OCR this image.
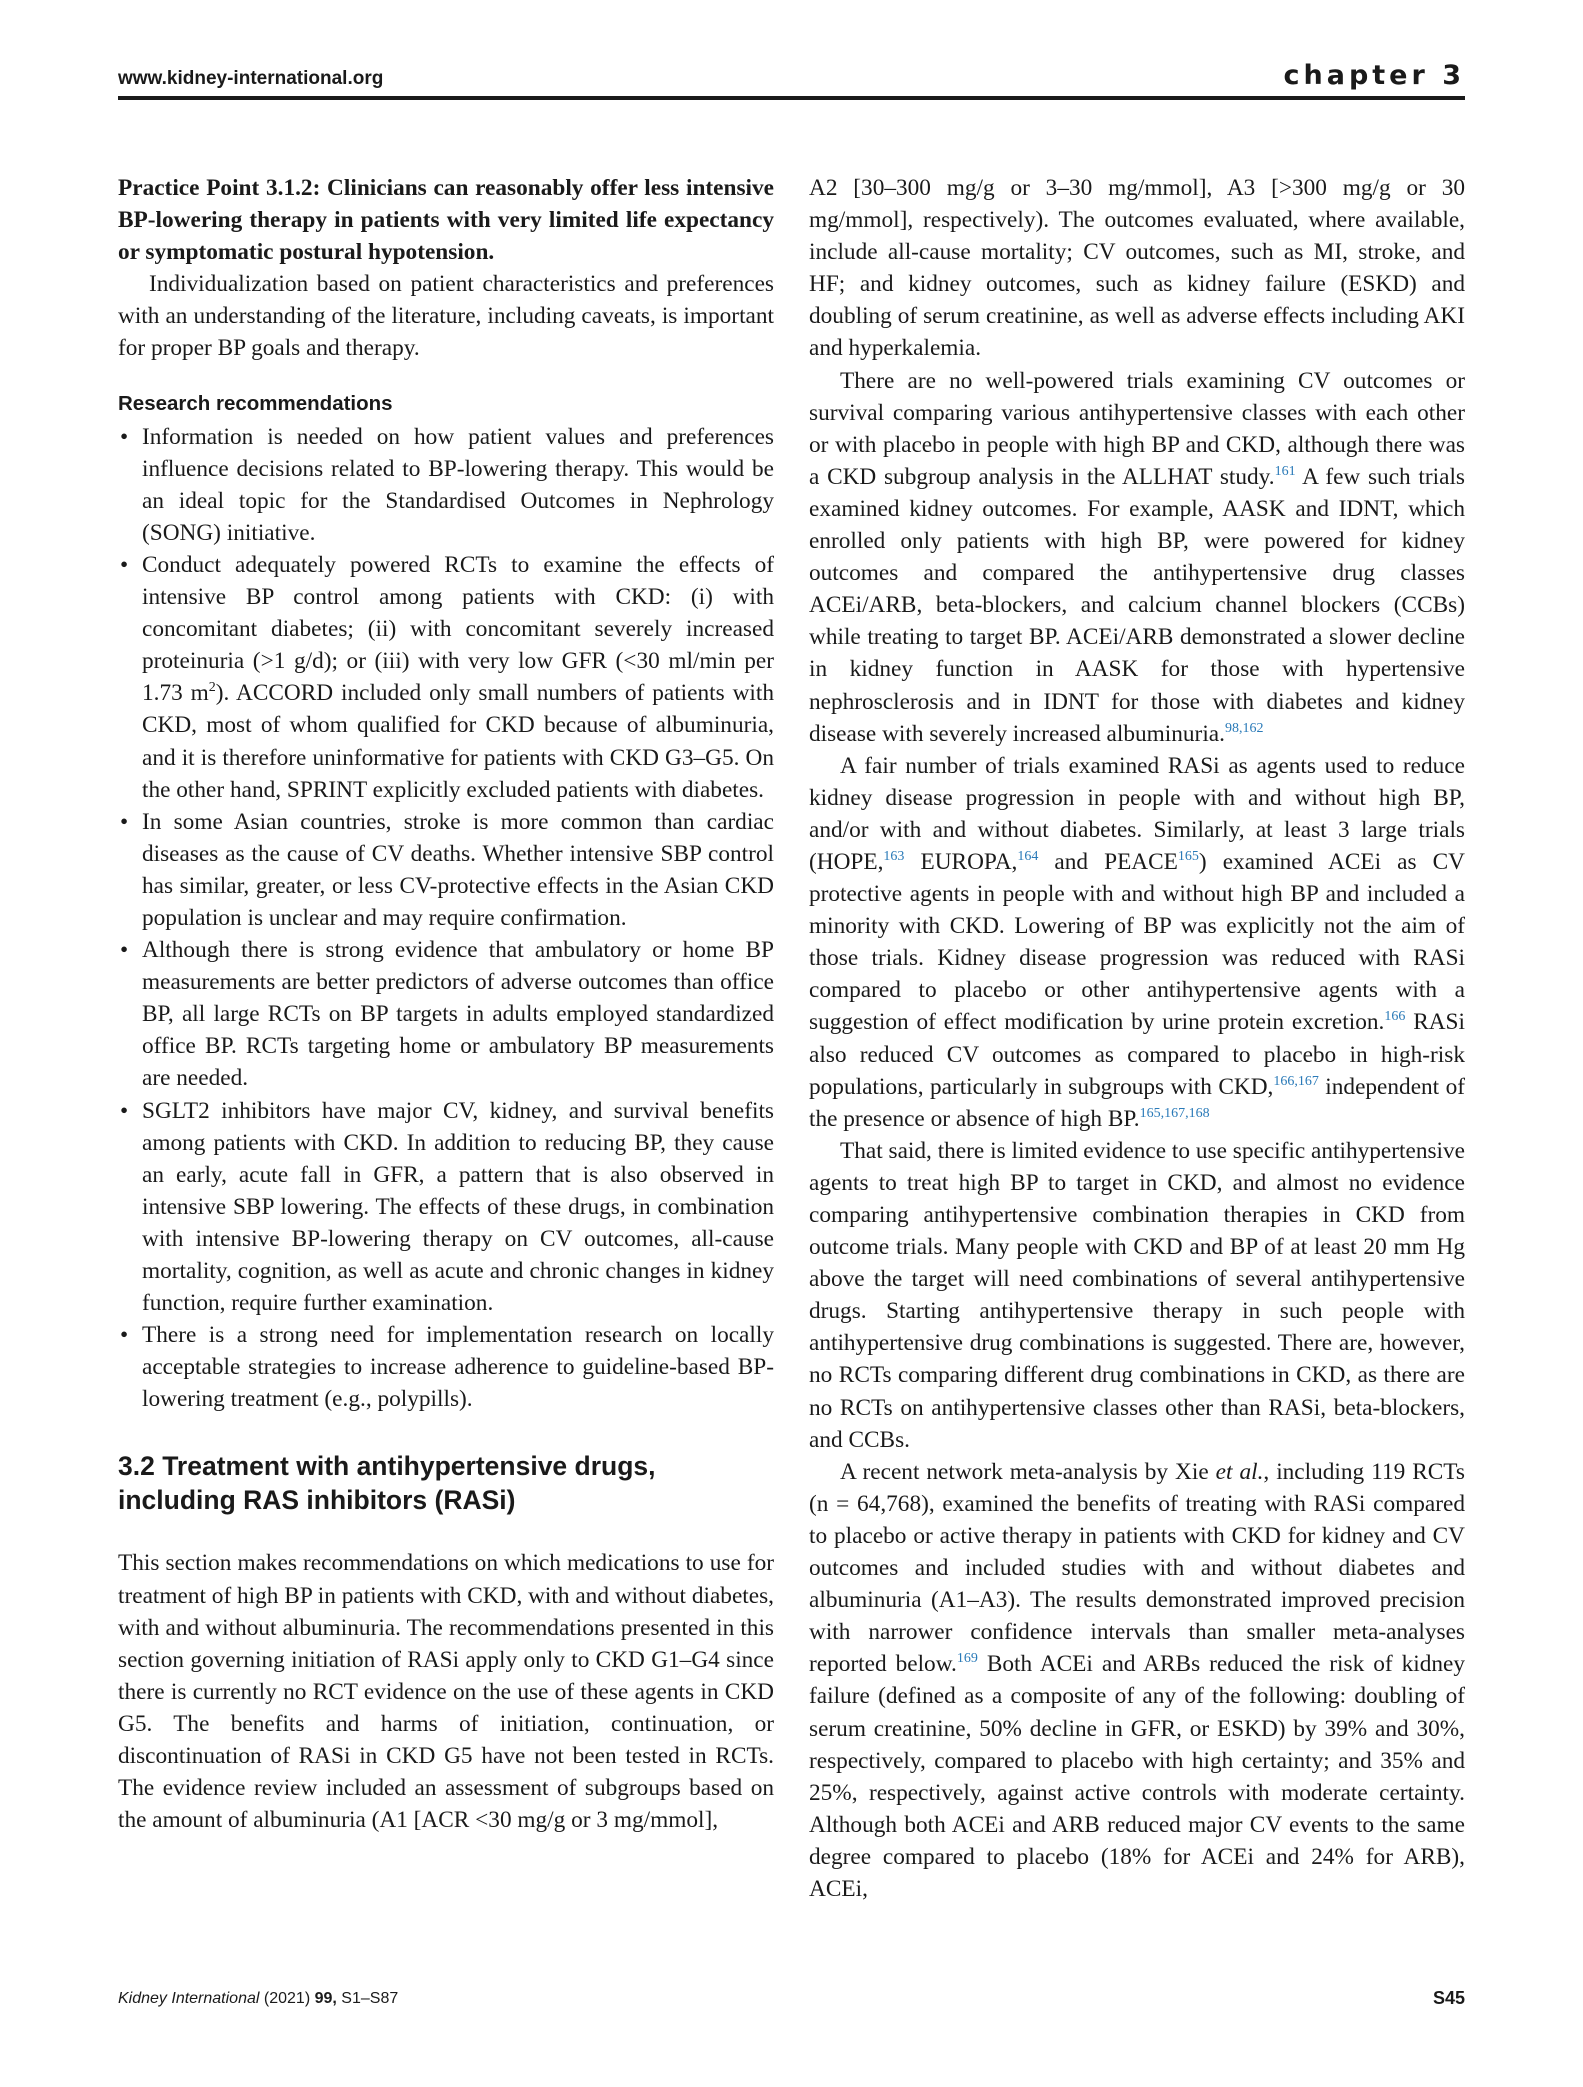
www.kidney-international.org	chapter 3

Practice Point 3.1.2: Clinicians can reasonably offer less intensive BP-lowering therapy in patients with very limited life expectancy or symptomatic postural hypotension.

Individualization based on patient characteristics and preferences with an understanding of the literature, including caveats, is important for proper BP goals and therapy.

Research recommendations
• Information is needed on how patient values and preferences influence decisions related to BP-lowering therapy. This would be an ideal topic for the Standardised Outcomes in Nephrology (SONG) initiative.
• Conduct adequately powered RCTs to examine the effects of intensive BP control among patients with CKD: (i) with concomitant diabetes; (ii) with concomitant severely increased proteinuria (>1 g/d); or (iii) with very low GFR (<30 ml/min per 1.73 $m^2$). ACCORD included only small numbers of patients with CKD, most of whom qualified for CKD because of albuminuria, and it is therefore uninformative for patients with CKD G3–G5. On the other hand, SPRINT explicitly excluded patients with diabetes.
• In some Asian countries, stroke is more common than cardiac diseases as the cause of CV deaths. Whether intensive SBP control has similar, greater, or less CV-protective effects in the Asian CKD population is unclear and may require confirmation.
• Although there is strong evidence that ambulatory or home BP measurements are better predictors of adverse outcomes than office BP, all large RCTs on BP targets in adults employed standardized office BP. RCTs targeting home or ambulatory BP measurements are needed.
• SGLT2 inhibitors have major CV, kidney, and survival benefits among patients with CKD. In addition to reducing BP, they cause an early, acute fall in GFR, a pattern that is also observed in intensive SBP lowering. The effects of these drugs, in combination with intensive BP-lowering therapy on CV outcomes, all-cause mortality, cognition, as well as acute and chronic changes in kidney function, require further examination.
• There is a strong need for implementation research on locally acceptable strategies to increase adherence to guideline-based BP-lowering treatment (e.g., polypills).
3.2 Treatment with antihypertensive drugs, including RAS inhibitors (RASi)

This section makes recommendations on which medications to use for treatment of high BP in patients with CKD, with and without diabetes, with and without albuminuria. The recommendations presented in this section governing initiation of RASi apply only to CKD G1–G4 since there is currently no RCT evidence on the use of these agents in CKD G5. The benefits and harms of initiation, continuation, or discontinuation of RASi in CKD G5 have not been tested in RCTs. The evidence review included an assessment of subgroups based on the amount of albuminuria (A1 [ACR <30 mg/g or 3 mg/mmol],

A2 [30–300 mg/g or 3–30 mg/mmol], A3 [>300 mg/g or 30 mg/mmol], respectively). The outcomes evaluated, where available, include all-cause mortality; CV outcomes, such as MI, stroke, and HF; and kidney outcomes, such as kidney failure (ESKD) and doubling of serum creatinine, as well as adverse effects including AKI and hyperkalemia.

There are no well-powered trials examining CV outcomes or survival comparing various antihypertensive classes with each other or with placebo in people with high BP and CKD, although there was a CKD subgroup analysis in the ALLHAT study.$^{161}$ A few such trials examined kidney outcomes. For example, AASK and IDNT, which enrolled only patients with high BP, were powered for kidney outcomes and compared the antihypertensive drug classes ACEi/ARB, beta-blockers, and calcium channel blockers (CCBs) while treating to target BP. ACEi/ARB demonstrated a slower decline in kidney function in AASK for those with hypertensive nephrosclerosis and in IDNT for those with diabetes and kidney disease with severely increased albuminuria.$^{98,162}$

A fair number of trials examined RASi as agents used to reduce kidney disease progression in people with and without high BP, and/or with and without diabetes. Similarly, at least 3 large trials (HOPE,$^{163}$ EUROPA,$^{164}$ and PEACE$^{165}$) examined ACEi as CV protective agents in people with and without high BP and included a minority with CKD. Lowering of BP was explicitly not the aim of those trials. Kidney disease progression was reduced with RASi compared to placebo or other antihypertensive agents with a suggestion of effect modification by urine protein excretion.$^{166}$ RASi also reduced CV outcomes as compared to placebo in high-risk populations, particularly in subgroups with CKD,$^{166,167}$ independent of the presence or absence of high BP.$^{165,167,168}$

That said, there is limited evidence to use specific antihypertensive agents to treat high BP to target in CKD, and almost no evidence comparing antihypertensive combination therapies in CKD from outcome trials. Many people with CKD and BP of at least 20 mm Hg above the target will need combinations of several antihypertensive drugs. Starting antihypertensive therapy in such people with antihypertensive drug combinations is suggested. There are, however, no RCTs comparing different drug combinations in CKD, as there are no RCTs on antihypertensive classes other than RASi, beta-blockers, and CCBs.

A recent network meta-analysis by Xie et al., including 119 RCTs (n = 64,768), examined the benefits of treating with RASi compared to placebo or active therapy in patients with CKD for kidney and CV outcomes and included studies with and without diabetes and albuminuria (A1–A3). The results demonstrated improved precision with narrower confidence intervals than smaller meta-analyses reported below.$^{169}$ Both ACEi and ARBs reduced the risk of kidney failure (defined as a composite of any of the following: doubling of serum creatinine, 50% decline in GFR, or ESKD) by 39% and 30%, respectively, compared to placebo with high certainty; and 35% and 25%, respectively, against active controls with moderate certainty. Although both ACEi and ARB reduced major CV events to the same degree compared to placebo (18% for ACEi and 24% for ARB), ACEi,

Kidney International (2021) 99, S1–S87	S45
